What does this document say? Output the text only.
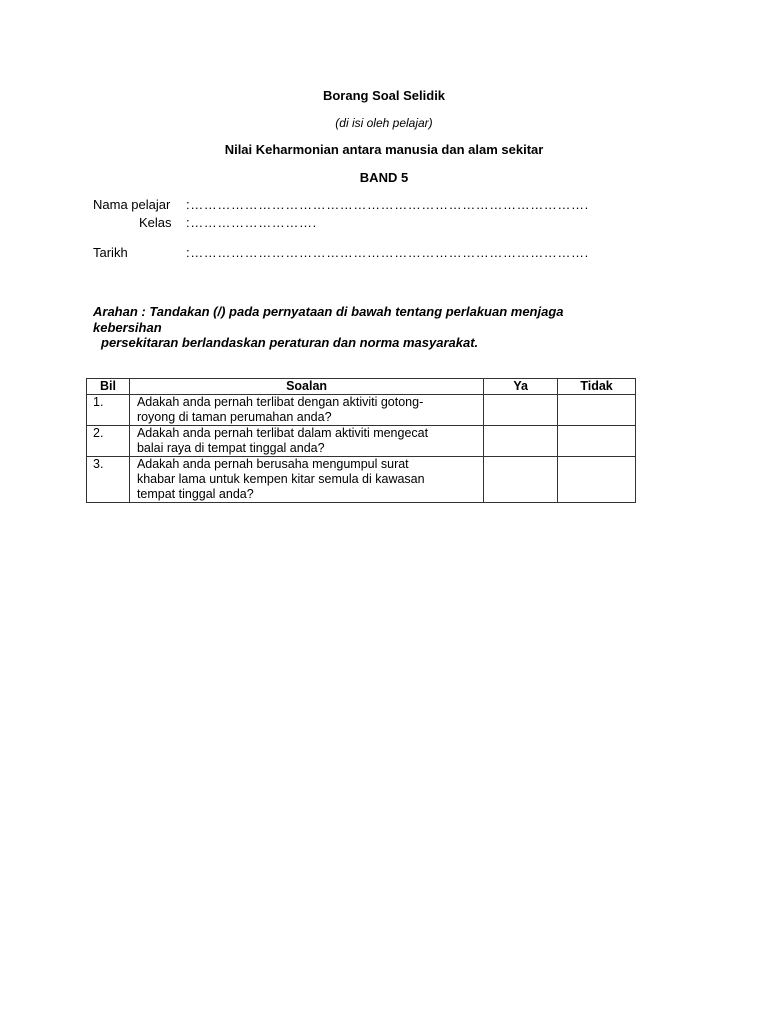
Borang Soal Selidik
(di isi oleh pelajar)
Nilai Keharmonian antara manusia dan alam sekitar
BAND 5
Nama pelajar :…………………………………………………………………………….
Kelas :……………………….
Tarikh	:…………………………………………………………………………….
Arahan : Tandakan (/) pada pernyataan di bawah tentang perlakuan menjaga
kebersihan
persekitaran berlandaskan peraturan dan norma masyarakat.
Bil	Soalan	Ya	Tidak
1.	Adakah anda pernah terlibat dengan aktiviti gotong-
royong di taman perumahan anda?		

2.	Adakah anda pernah terlibat dalam aktiviti mengecat
balai raya di tempat tinggal anda?		

3.	Adakah anda pernah berusaha mengumpul surat
khabar lama untuk kempen kitar semula di kawasan
tempat tinggal anda?		
